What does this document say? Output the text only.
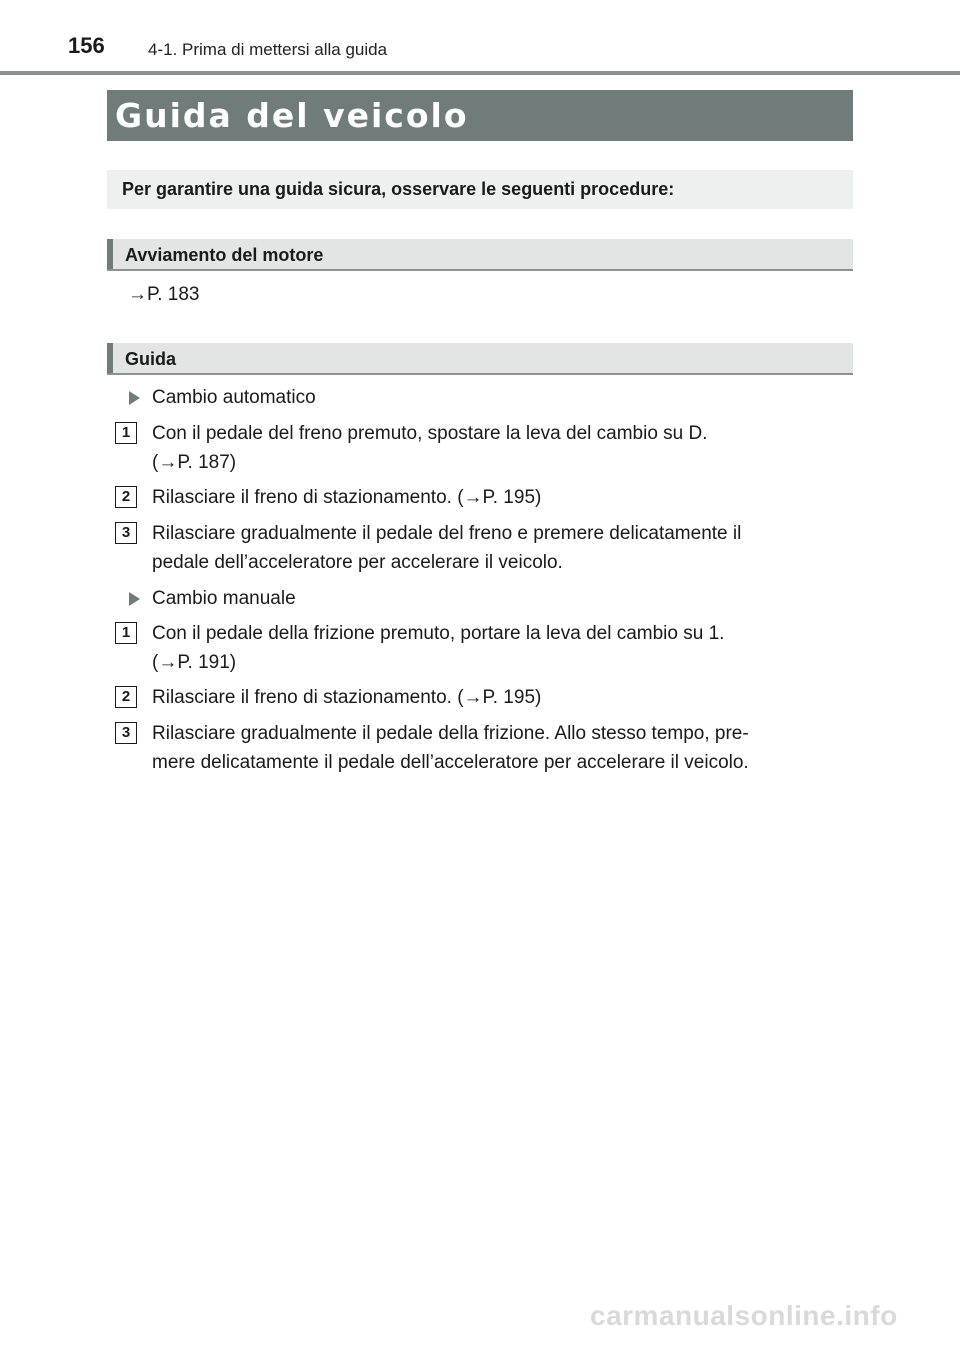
156	4-1. Prima di mettersi alla guida
Guida del veicolo
Per garantire una guida sicura, osservare le seguenti procedure:
Avviamento del motore
→P. 183
Guida
Cambio automatico
1	Con il pedale del freno premuto, spostare la leva del cambio su D.
(→P. 187)
2	Rilasciare il freno di stazionamento. (→P. 195)
3	Rilasciare gradualmente il pedale del freno e premere delicatamente il
pedale dell’acceleratore per accelerare il veicolo.
Cambio manuale
1	Con il pedale della frizione premuto, portare la leva del cambio su 1.
(→P. 191)
2	Rilasciare il freno di stazionamento. (→P. 195)
3	Rilasciare gradualmente il pedale della frizione. Allo stesso tempo, pre-
mere delicatamente il pedale dell’acceleratore per accelerare il veicolo.
carmanualsonline.info
